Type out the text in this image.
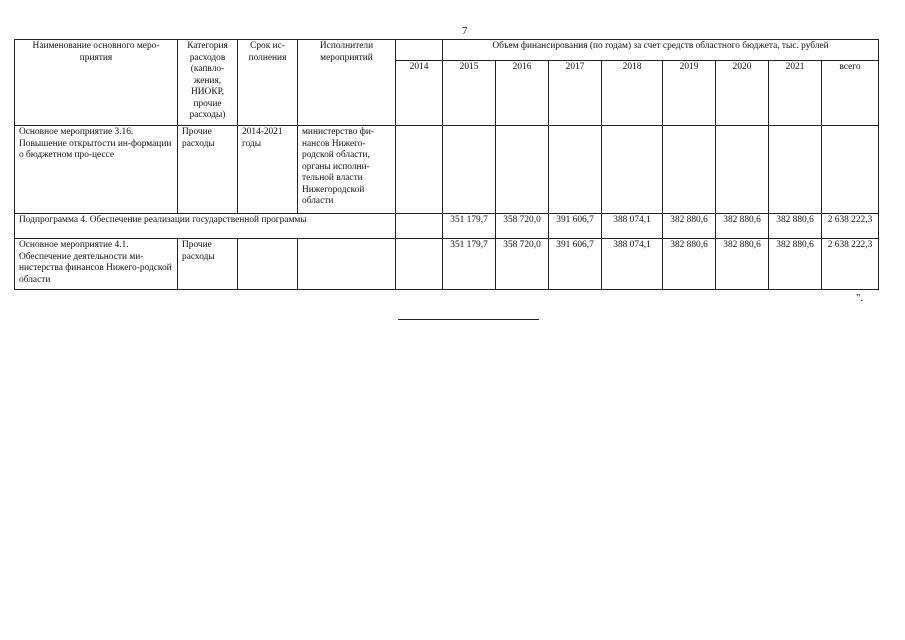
7
Наименование основного меро-приятия	Категория расходов (капвло-жения, НИОКР, прочие расходы)	Срок ис-полнения	Исполнители мероприятий		Объем финансирования (по годам) за счет средств областного бюджета, тыс. рублей							
				2014	2015	2016	2017	2018	2019	2020	2021	всего
Основное мероприятие 3.16. Повышение открытости ин-формации о бюджетном про-цессе	Прочие расходы	2014-2021 годы	министерство фи-нансов Нижего-родской области, органы исполни-тельной власти Нижегородской области									
Подпрограмма 4. Обеспечение реализации государственной программы					351 179,7	358 720,0	391 606,7	388 074,1	382 880,6	382 880,6	382 880,6	2 638 222,3
Основное мероприятие 4.1. Обеспечение деятельности ми-нистерства финансов Нижего-родской области	Прочие расходы				351 179,7	358 720,0	391 606,7	388 074,1	382 880,6	382 880,6	382 880,6	2 638 222,3
".
